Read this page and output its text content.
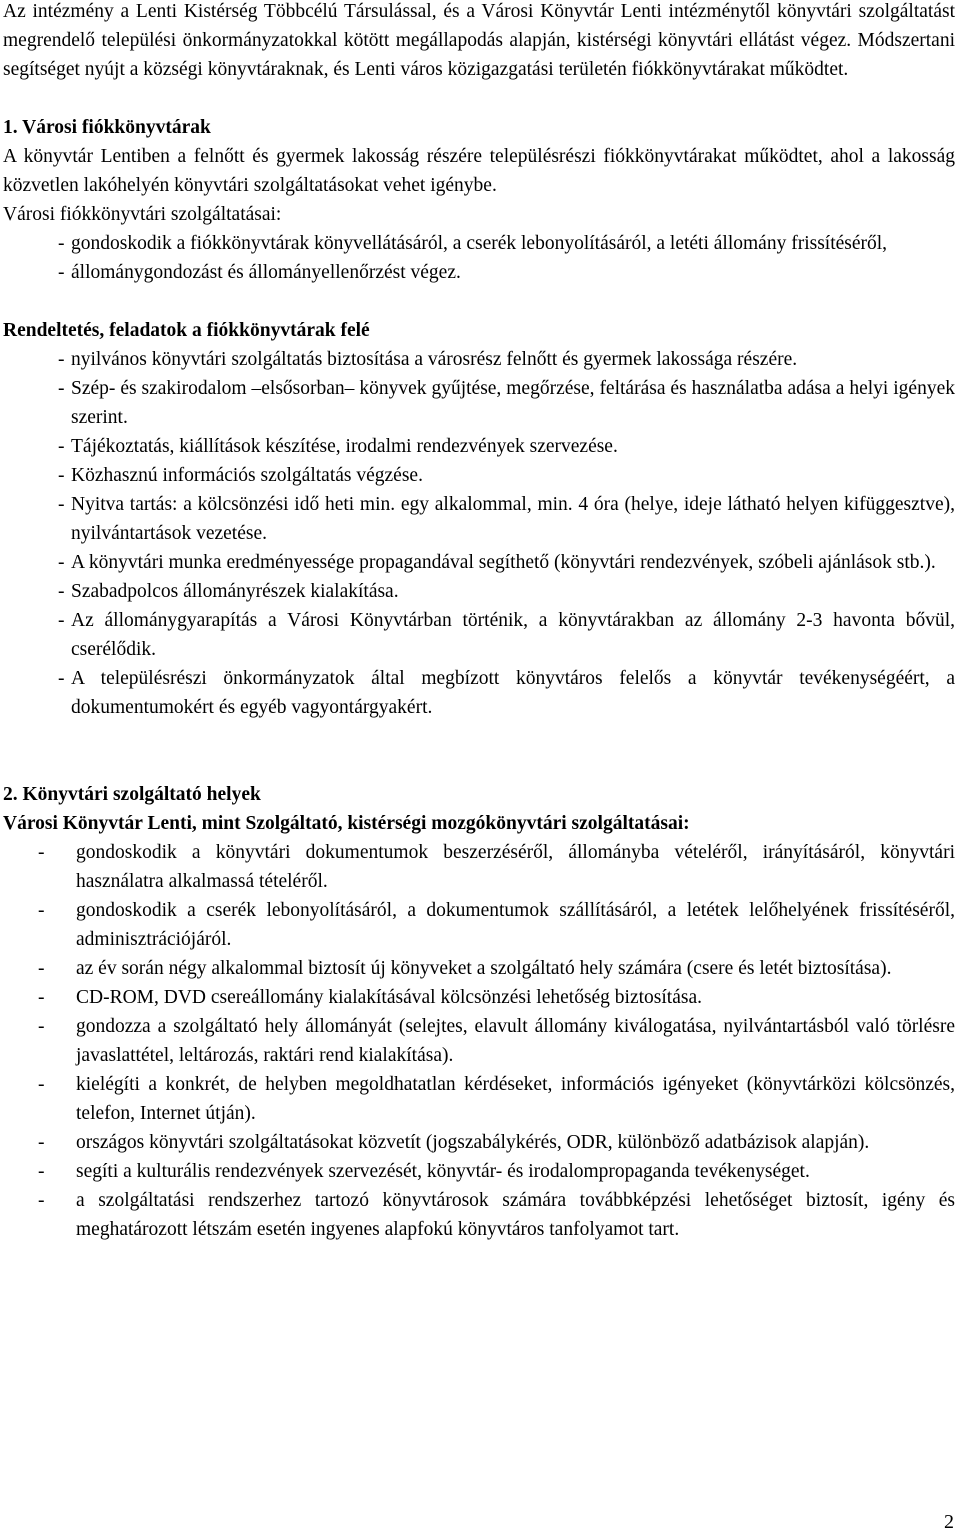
Az intézmény a Lenti Kistérség Többcélú Társulással, és a Városi Könyvtár Lenti intézménytől könyvtári szolgáltatást megrendelő települési önkormányzatokkal kötött megállapodás alapján, kistérségi könyvtári ellátást végez. Módszertani segítséget nyújt a községi könyvtáraknak, és Lenti város közigazgatási területén fiókkönyvtárakat működtet.

1. Városi fiókkönyvtárak

A könyvtár Lentiben a felnőtt és gyermek lakosság részére településrészi fiókkönyvtárakat működtet, ahol a lakosság közvetlen lakóhelyén könyvtári szolgáltatásokat vehet igénybe.

Városi fiókkönyvtári szolgáltatásai:
- gondoskodik a fiókkönyvtárak könyvellátásáról, a cserék lebonyolításáról, a letéti állomány frissítéséről,
- állománygondozást és állományellenőrzést végez.
Rendeltetés, feladatok a fiókkönyvtárak felé
- nyilvános könyvtári szolgáltatás biztosítása a városrész felnőtt és gyermek lakossága részére.
- Szép- és szakirodalom –elsősorban– könyvek gyűjtése, megőrzése, feltárása és használatba adása a helyi igények szerint.
- Tájékoztatás, kiállítások készítése, irodalmi rendezvények szervezése.
- Közhasznú információs szolgáltatás végzése.
- Nyitva tartás: a kölcsönzési idő heti min. egy alkalommal, min. 4 óra (helye, ideje látható helyen kifüggesztve), nyilvántartások vezetése.
- A könyvtári munka eredményessége propagandával segíthető (könyvtári rendezvények, szóbeli ajánlások stb.).
- Szabadpolcos állományrészek kialakítása.
- Az állománygyarapítás a Városi Könyvtárban történik, a könyvtárakban az állomány 2-3 havonta bővül, cserélődik.
- A településrészi önkormányzatok által megbízott könyvtáros felelős a könyvtár tevékenységéért, a dokumentumokért és egyéb vagyontárgyakért.
2. Könyvtári szolgáltató helyek
Városi Könyvtár Lenti, mint Szolgáltató, kistérségi mozgókönyvtári szolgáltatásai:
- gondoskodik a könyvtári dokumentumok beszerzéséről, állományba vételéről, irányításáról, könyvtári használatra alkalmassá tételéről.
- gondoskodik a cserék lebonyolításáról, a dokumentumok szállításáról, a letétek lelőhelyének frissítéséről, adminisztrációjáról.
- az év során négy alkalommal biztosít új könyveket a szolgáltató hely számára (csere és letét biztosítása).
- CD-ROM, DVD csereállomány kialakításával kölcsönzési lehetőség biztosítása.
- gondozza a szolgáltató hely állományát (selejtes, elavult állomány kiválogatása, nyilvántartásból való törlésre javaslattétel, leltározás, raktári rend kialakítása).
- kielégíti a konkrét, de helyben megoldhatatlan kérdéseket, információs igényeket (könyvtárközi kölcsönzés, telefon, Internet útján).
- országos könyvtári szolgáltatásokat közvetít (jogszabálykérés, ODR, különböző adatbázisok alapján).
- segíti a kulturális rendezvények szervezését, könyvtár- és irodalompropaganda tevékenységet.
- a szolgáltatási rendszerhez tartozó könyvtárosok számára továbbképzési lehetőséget biztosít, igény és meghatározott létszám esetén ingyenes alapfokú könyvtáros tanfolyamot tart.
2
